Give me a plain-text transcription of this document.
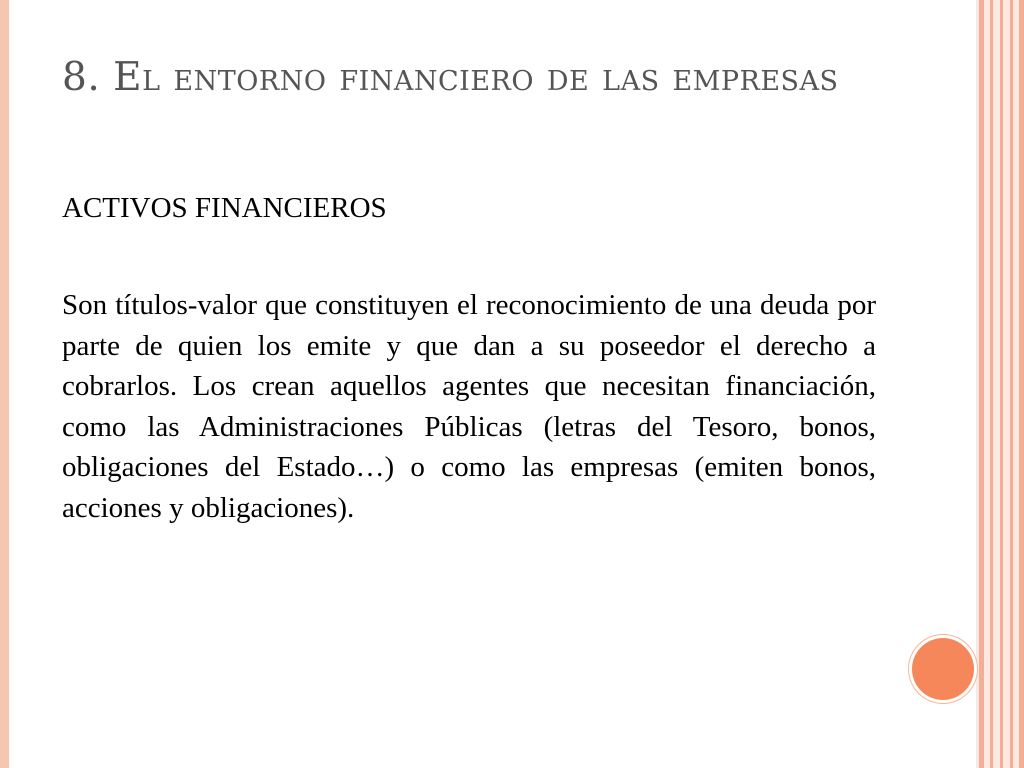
8. El entorno financiero de las empresas

ACTIVOS FINANCIEROS

Son títulos-valor que constituyen el reconocimiento de una deuda por parte de quien los emite y que dan a su poseedor el derecho a cobrarlos. Los crean aquellos agentes que necesitan financiación, como las Administraciones Públicas (letras del Tesoro, bonos, obligaciones del Estado…) o como las empresas (emiten bonos, acciones y obligaciones).
